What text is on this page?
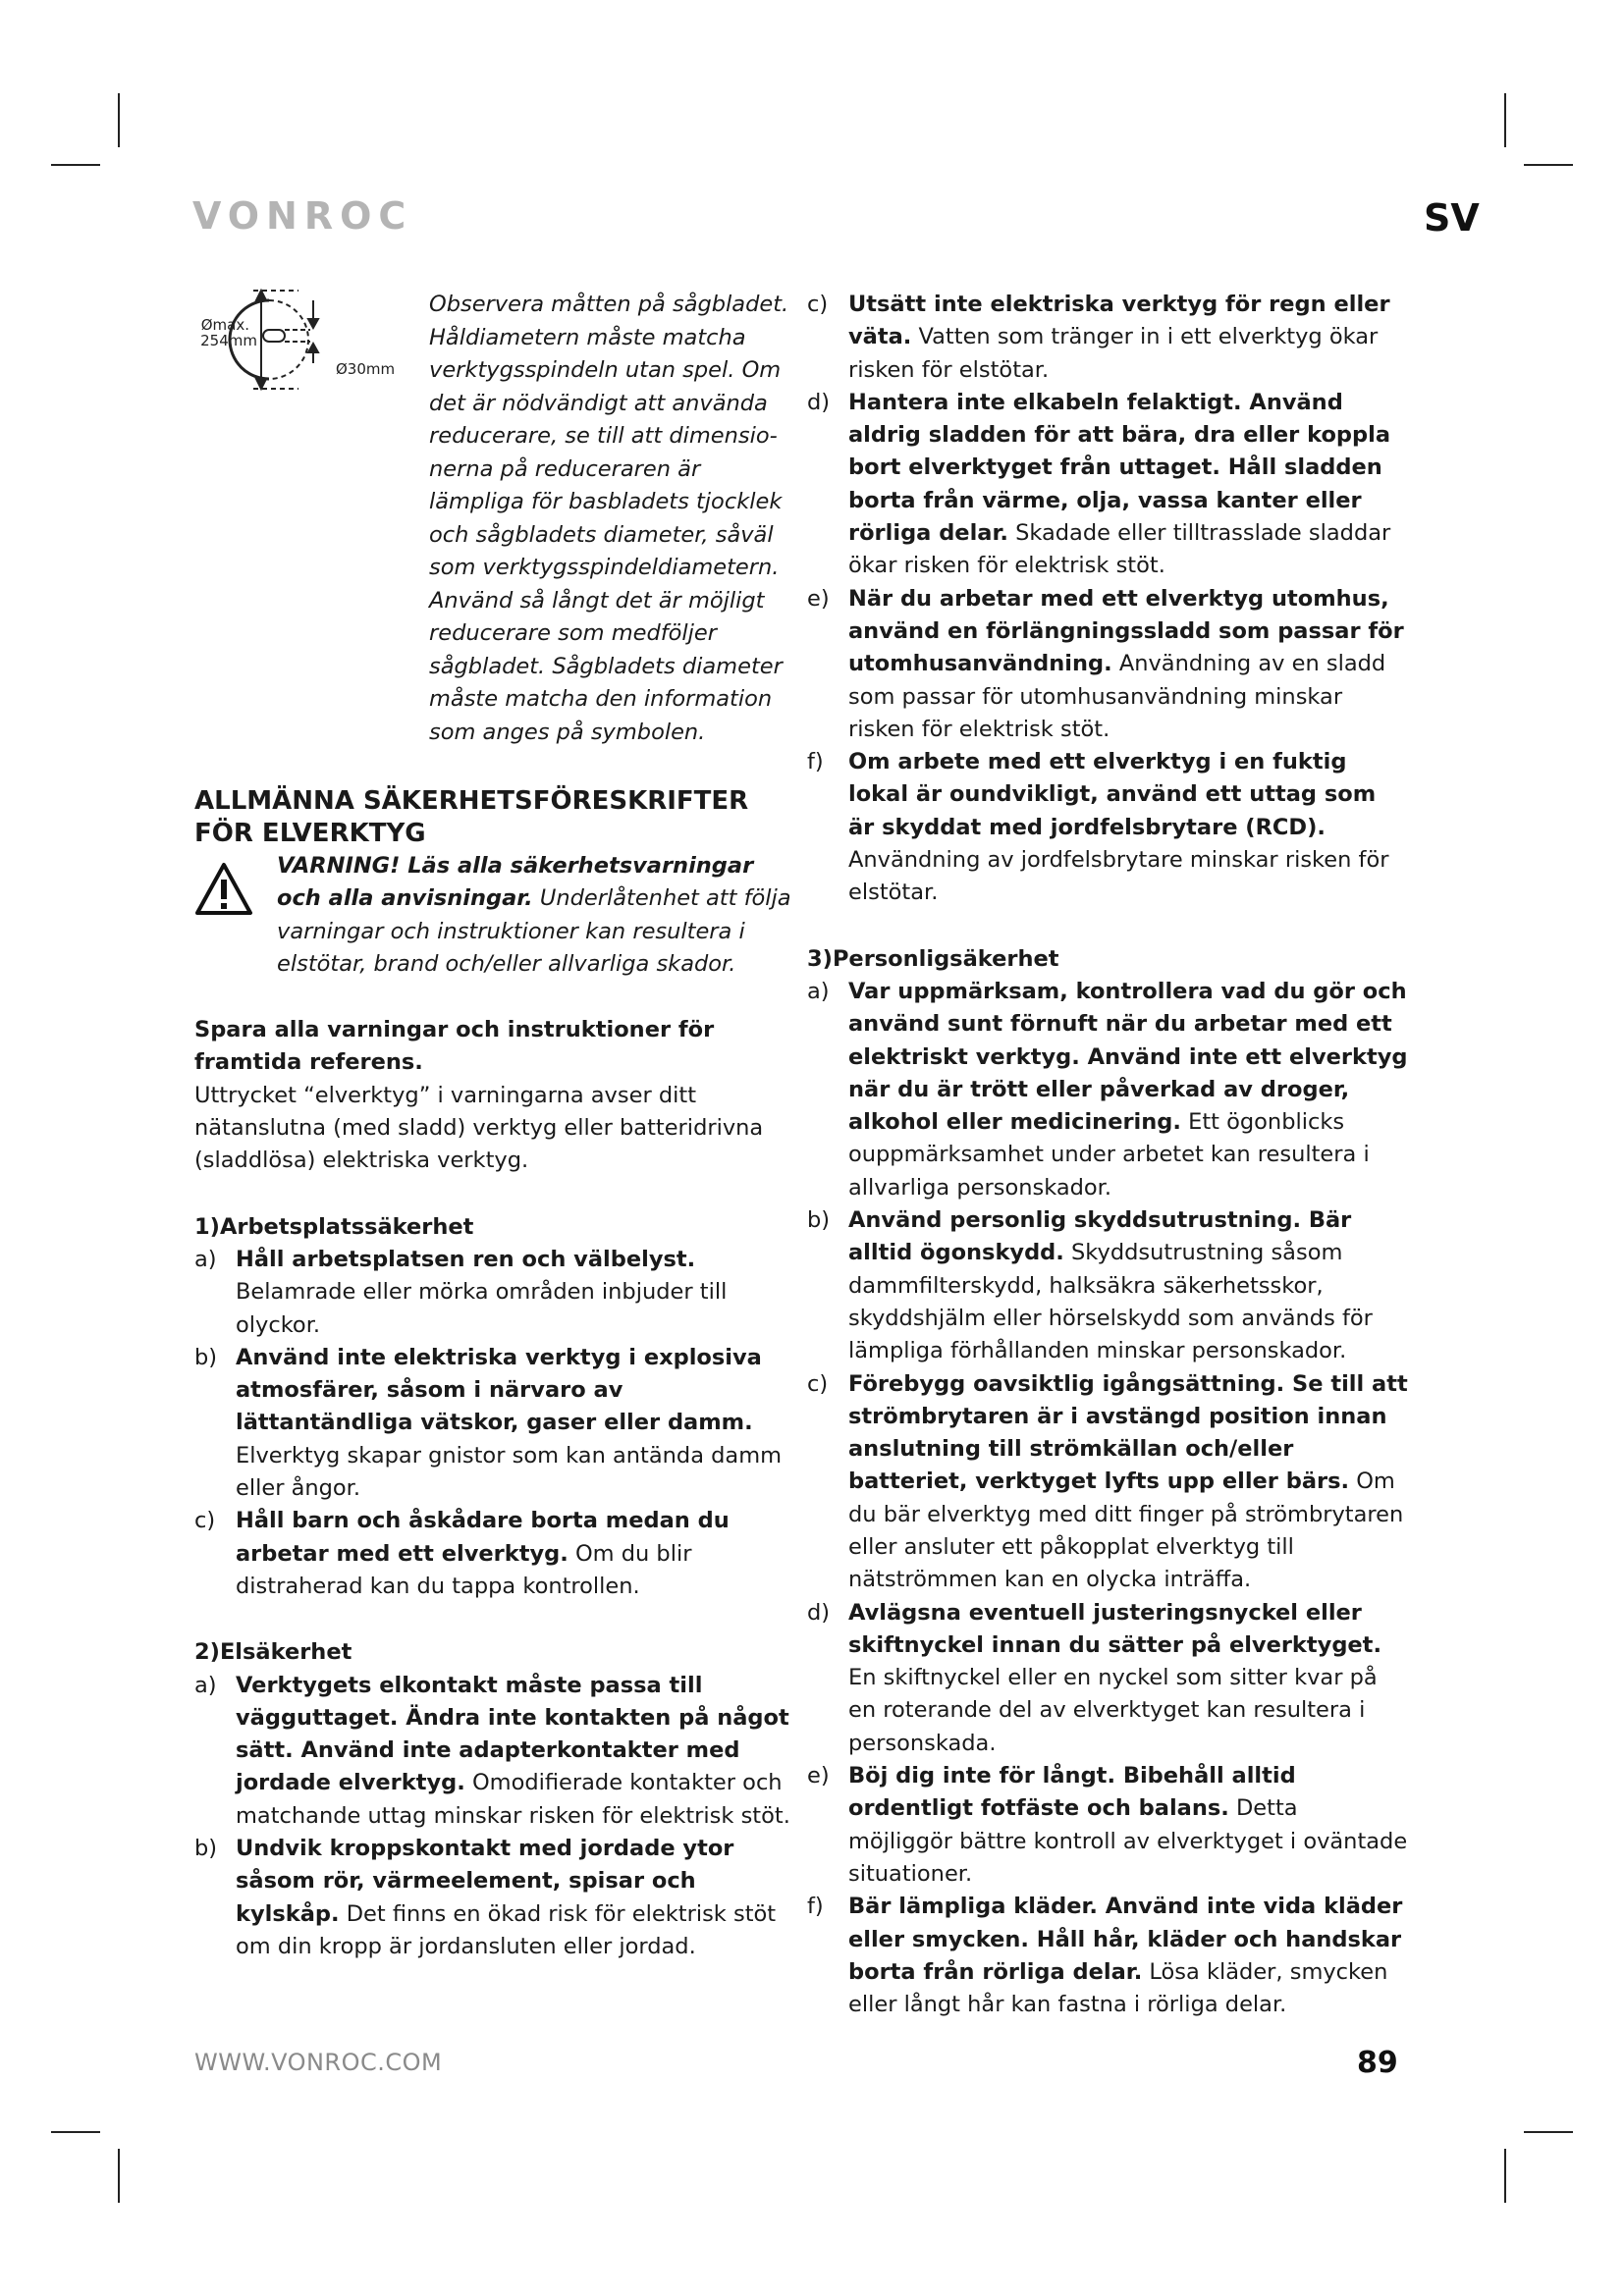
VONROC	SV
Ømax.
254mm
Ø30mm
Observera måtten på sågbladet. Håldiametern måste matcha verktygsspindeln utan spel. Om det är nödvändigt att använda reducerare, se till att dimensio-nerna på reduceraren är lämpliga för basbladets tjocklek och sågbladets diameter, såväl som verktygsspindeldiametern. Använd så långt det är möjligt reducerare som medföljer sågbladet. Sågbladets diameter måste matcha den information som anges på symbolen.
ALLMÄNNA SÄKERHETSFÖRESKRIFTER FÖR ELVERKTYG

VARNING! Läs alla säkerhetsvarningar och alla anvisningar. Underlåtenhet att följa varningar och instruktioner kan resultera i elstötar, brand och/eller allvarliga skador.

Spara alla varningar och instruktioner för framtida referens.

Uttrycket “elverktyg” i varningarna avser ditt nätanslutna (med sladd) verktyg eller batteridrivna (sladdlösa) elektriska verktyg.

1)Arbetsplatssäkerhet

a) Håll arbetsplatsen ren och välbelyst. Belamrade eller mörka områden inbjuder till olyckor.
b) Använd inte elektriska verktyg i explosiva atmosfärer, såsom i närvaro av lättantändliga vätskor, gaser eller damm. Elverktyg skapar gnistor som kan antända damm eller ångor.
c) Håll barn och åskådare borta medan du arbetar med ett elverktyg. Om du blir distraherad kan du tappa kontrollen.

2)Elsäkerhet

a) Verktygets elkontakt måste passa till vägguttaget. Ändra inte kontakten på något sätt. Använd inte adapterkontakter med jordade elverktyg. Omodifierade kontakter och matchande uttag minskar risken för elektrisk stöt.
b) Undvik kroppskontakt med jordade ytor såsom rör, värmeelement, spisar och kylskåp. Det finns en ökad risk för elektrisk stöt om din kropp är jordansluten eller jordad.
c) Utsätt inte elektriska verktyg för regn eller väta. Vatten som tränger in i ett elverktyg ökar risken för elstötar.
d) Hantera inte elkabeln felaktigt. Använd aldrig sladden för att bära, dra eller koppla bort elverktyget från uttaget. Håll sladden borta från värme, olja, vassa kanter eller rörliga delar. Skadade eller tilltrasslade sladdar ökar risken för elektrisk stöt.
e) När du arbetar med ett elverktyg utomhus, använd en förlängningssladd som passar för utomhusanvändning. Användning av en sladd som passar för utomhusanvändning minskar risken för elektrisk stöt.
f) Om arbete med ett elverktyg i en fuktig lokal är oundvikligt, använd ett uttag som är skyddat med jordfelsbrytare (RCD). Användning av jordfelsbrytare minskar risken för elstötar.

3)Personligsäkerhet

a) Var uppmärksam, kontrollera vad du gör och använd sunt förnuft när du arbetar med ett elektriskt verktyg. Använd inte ett elverktyg när du är trött eller påverkad av droger, alkohol eller medicinering. Ett ögonblicks ouppmärksamhet under arbetet kan resultera i allvarliga personskador.
b) Använd personlig skyddsutrustning. Bär alltid ögonskydd. Skyddsutrustning såsom dammfilterskydd, halksäkra säkerhetsskor, skyddshjälm eller hörselskydd som används för lämpliga förhållanden minskar personskador.
c) Förebygg oavsiktlig igångsättning. Se till att strömbrytaren är i avstängd position innan anslutning till strömkällan och/eller batteriet, verktyget lyfts upp eller bärs. Om du bär elverktyg med ditt finger på strömbrytaren eller ansluter ett påkopplat elverktyg till nätströmmen kan en olycka inträffa.
d) Avlägsna eventuell justeringsnyckel eller skiftnyckel innan du sätter på elverktyget. En skiftnyckel eller en nyckel som sitter kvar på en roterande del av elverktyget kan resultera i personskada.
e) Böj dig inte för långt. Bibehåll alltid ordentligt fotfäste och balans. Detta möjliggör bättre kontroll av elverktyget i oväntade situationer.
f) Bär lämpliga kläder. Använd inte vida kläder eller smycken. Håll hår, kläder och handskar borta från rörliga delar. Lösa kläder, smycken eller långt hår kan fastna i rörliga delar.
WWW.VONROC.COM	89
